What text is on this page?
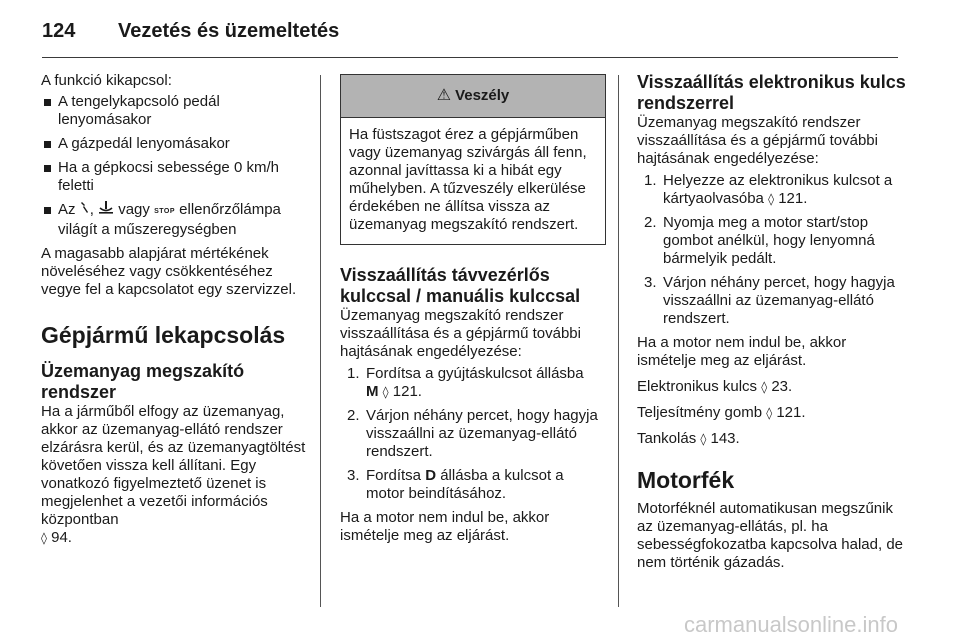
124 Vezetés és üzemeltetés

A funkció kikapcsol:

A tengelykapcsoló pedál lenyomásakor
A gázpedál lenyomásakor
Ha a gépkocsi sebessége 0 km/h feletti
Az , vagy STOP ellenőrzőlámpa világít a műszeregységben

A magasabb alapjárat mértékének növeléséhez vagy csökkentéséhez vegye fel a kapcsolatot egy szervizzel.

Gépjármű lekapcsolás
Üzemanyag megszakító rendszer

Ha a járműből elfogy az üzemanyag, akkor az üzemanyag-ellátó rendszer elzárásra kerül, és az üzemanyagtöltést követően vissza kell állítani. Egy vonatkozó figyelmeztető üzenet is megjelenhet a vezetői információs központban
◊ 94.

⚠ Veszély
Ha füstszagot érez a gépjárműben vagy üzemanyag szivárgás áll fenn, azonnal javíttassa ki a hibát egy műhelyben. A tűzveszély elkerülése érdekében ne állítsa vissza az üzemanyag megszakító rendszert.
Visszaállítás távvezérlős kulccsal / manuális kulccsal

Üzemanyag megszakító rendszer visszaállítása és a gépjármű további hajtásának engedélyezése:

1. Fordítsa a gyújtáskulcsot állásba
M ◊ 121.
2. Várjon néhány percet, hogy hagyja visszaállni az üzemanyag-ellátó rendszert.
3. Fordítsa D állásba a kulcsot a motor beindításához.

Ha a motor nem indul be, akkor ismételje meg az eljárást.

Visszaállítás elektronikus kulcs rendszerrel

Üzemanyag megszakító rendszer visszaállítása és a gépjármű további hajtásának engedélyezése:

1. Helyezze az elektronikus kulcsot a kártyaolvasóba ◊ 121.
2. Nyomja meg a motor start/stop gombot anélkül, hogy lenyomná bármelyik pedált.
3. Várjon néhány percet, hogy hagyja visszaállni az üzemanyag-ellátó rendszert.

Ha a motor nem indul be, akkor ismételje meg az eljárást.

Elektronikus kulcs ◊ 23.

Teljesítmény gomb ◊ 121.

Tankolás ◊ 143.

Motorfék

Motorféknél automatikusan megszűnik az üzemanyag-ellátás, pl. ha sebességfokozatba kapcsolva halad, de nem történik gázadás.

carmanualsonline.info
